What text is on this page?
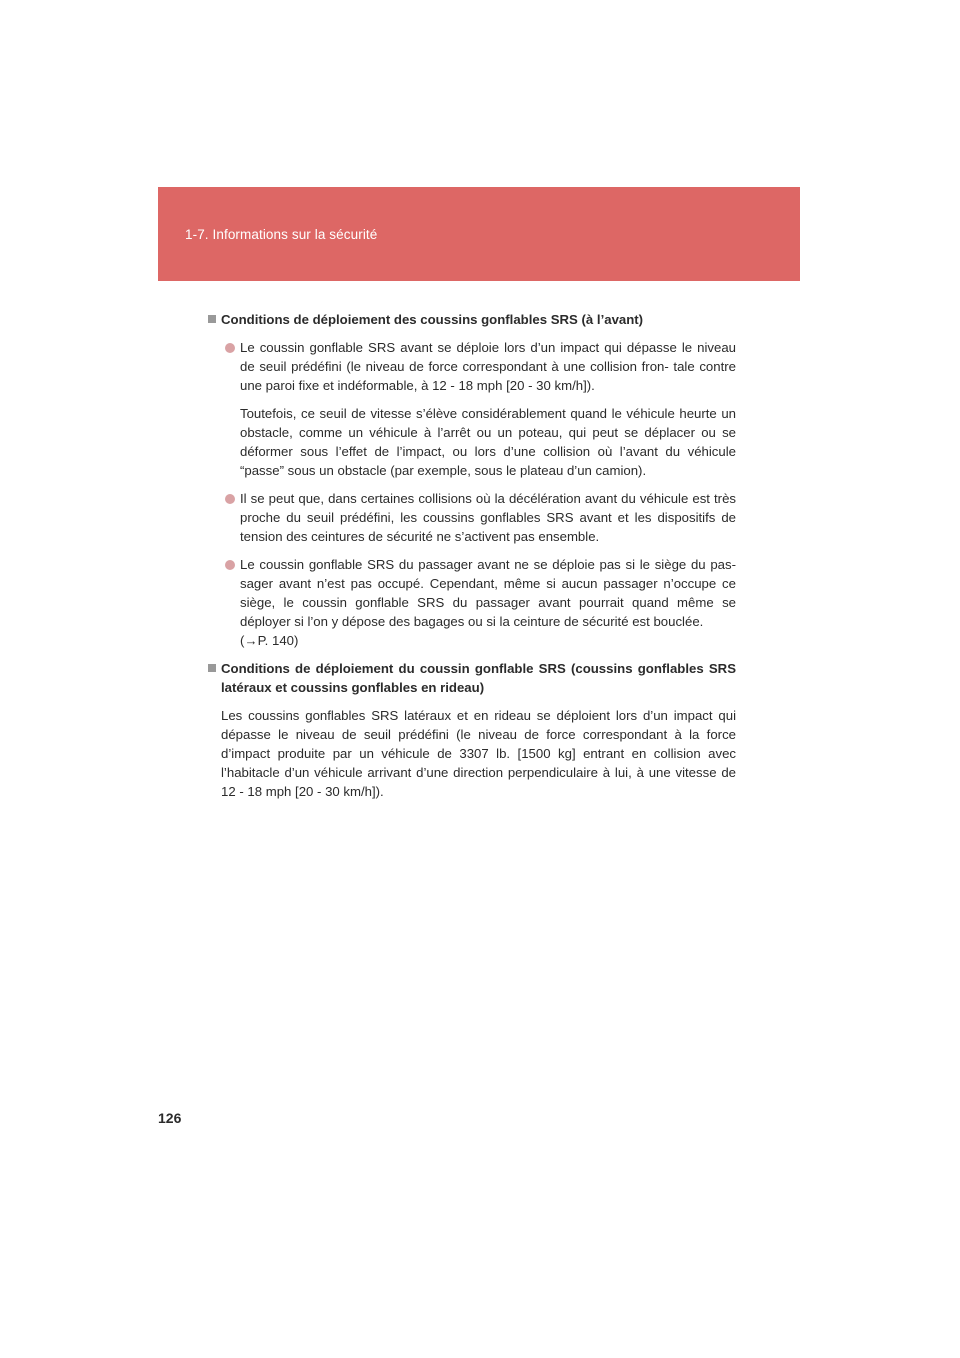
1-7. Informations sur la sécurité
Conditions de déploiement des coussins gonflables SRS (à l’avant)
Le coussin gonflable SRS avant se déploie lors d’un impact qui dépasse le niveau de seuil prédéfini (le niveau de force correspondant à une collision fron- tale contre une paroi fixe et indéformable, à 12 - 18 mph [20 - 30 km/h]).
Toutefois, ce seuil de vitesse s’élève considérablement quand le véhicule heurte un obstacle, comme un véhicule à l’arrêt ou un poteau, qui peut se déplacer ou se déformer sous l’effet de l’impact, ou lors d’une collision où l’avant du véhicule “passe” sous un obstacle (par exemple, sous le plateau d’un camion).
Il se peut que, dans certaines collisions où la décélération avant du véhicule est très proche du seuil prédéfini, les coussins gonflables SRS avant et les dispositifs de tension des ceintures de sécurité ne s’activent pas ensemble.
Le coussin gonflable SRS du passager avant ne se déploie pas si le siège du pas- sager avant n’est pas occupé. Cependant, même si aucun passager n’occupe ce siège, le coussin gonflable SRS du passager avant pourrait quand même se déployer si l’on y dépose des bagages ou si la ceinture de sécurité est bouclée.
(→P. 140)
Conditions de déploiement du coussin gonflable SRS (coussins gonflables SRS latéraux et coussins gonflables en rideau)
Les coussins gonflables SRS latéraux et en rideau se déploient lors d’un impact qui dépasse le niveau de seuil prédéfini (le niveau de force correspondant à la force d’impact produite par un véhicule de 3307 lb. [1500 kg] entrant en collision avec l’habitacle d’un véhicule arrivant d’une direction perpendiculaire à lui, à une vitesse de 12 - 18 mph [20 - 30 km/h]).
126
